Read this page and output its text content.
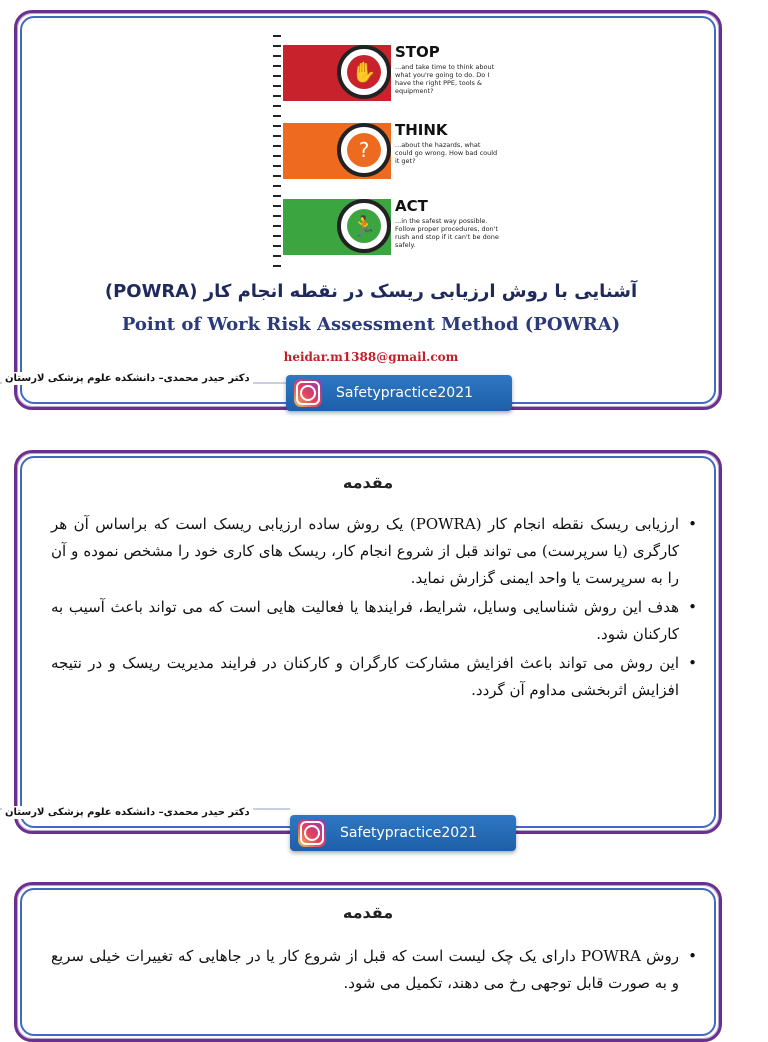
✋
STOP

...and take time to think about what you're going to do. Do I have the right PPE, tools & equipment?

?
THINK

...about the hazards, what could go wrong. How bad could it get?

🏃
ACT

...in the safest way possible. Follow proper procedures, don't rush and stop if it can't be done safely.

آشنایی با روش ارزیابی ریسک در نقطه انجام کار (POWRA)
Point of Work Risk Assessment Method (POWRA)
heidar.m1388@gmail.com
دکتر حیدر محمدی– دانشکده علوم پزشکی لارستان
Safetypractice2021
مقدمه
• ارزیابی ریسک نقطه انجام کار (POWRA) یک روش ساده ارزیابی ریسک است که براساس آن هر کارگری (یا سرپرست) می تواند قبل از شروع انجام کار، ریسک های کاری خود را مشخص نموده و آن را به سرپرست یا واحد ایمنی گزارش نماید.
• هدف این روش شناسایی وسایل، شرایط، فرایندها یا فعالیت هایی است که می تواند باعث آسیب به کارکنان شود.
• این روش می تواند باعث افزایش مشارکت کارگران و کارکنان در فرایند مدیریت ریسک و در نتیجه افزایش اثربخشی مداوم آن گردد.
دکتر حیدر محمدی– دانشکده علوم پزشکی لارستان
Safetypractice2021
مقدمه
• روش POWRA دارای یک چک لیست است که قبل از شروع کار یا در جاهایی که تغییرات خیلی سریع و به صورت قابل توجهی رخ می دهند، تکمیل می شود.
